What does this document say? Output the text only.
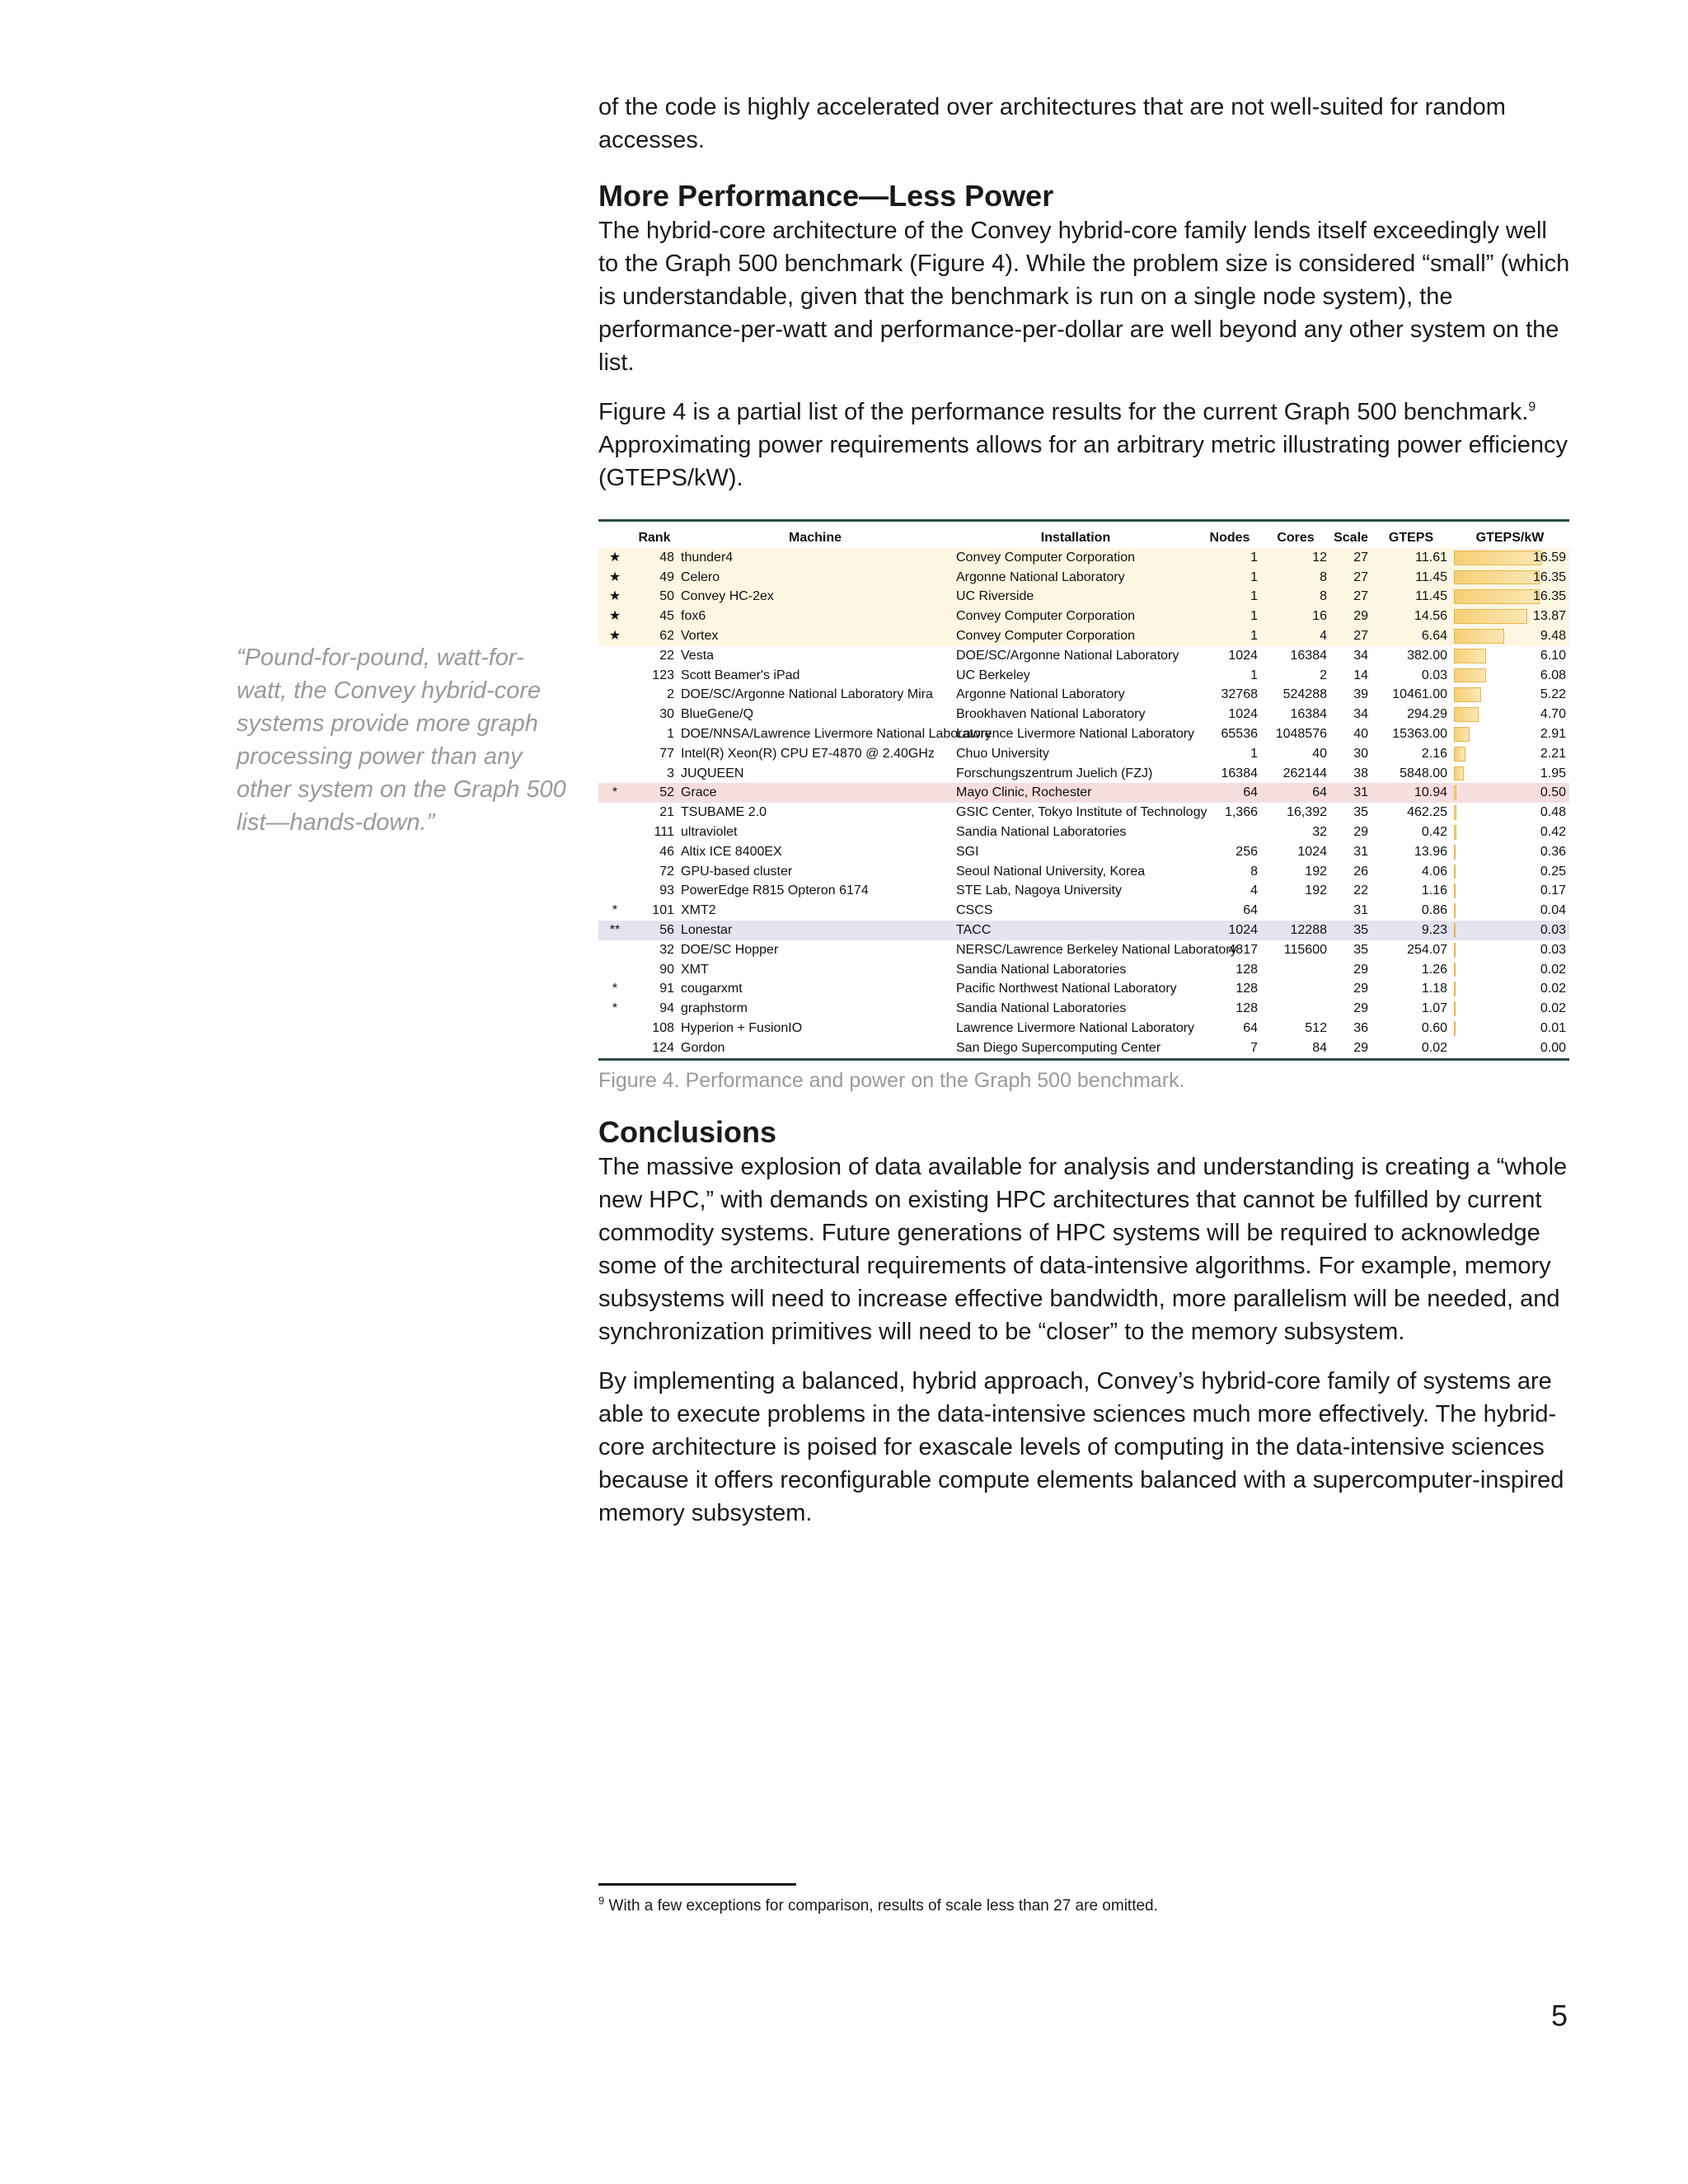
of the code is highly accelerated over architectures that are not well-suited for random accesses.

More Performance—Less Power

The hybrid-core architecture of the Convey hybrid-core family lends itself exceedingly well to the Graph 500 benchmark (Figure 4). While the problem size is considered “small” (which is understandable, given that the benchmark is run on a single node system), the performance-per-watt and performance-per-dollar are well beyond any other system on the list.

Figure 4 is a partial list of the performance results for the current Graph 500 benchmark.$^9$ Approximating power requirements allows for an arbitrary metric illustrating power efficiency (GTEPS/kW).

	Rank	Machine	Installation	Nodes	Cores	Scale	GTEPS	GTEPS/kW
★	48	thunder4	Convey Computer Corporation	1	12	27	11.61	16.59
★	49	Celero	Argonne National Laboratory	1	8	27	11.45	16.35
★	50	Convey HC-2ex	UC Riverside	1	8	27	11.45	16.35
★	45	fox6	Convey Computer Corporation	1	16	29	14.56	13.87
★	62	Vortex	Convey Computer Corporation	1	4	27	6.64	9.48
	22	Vesta	DOE/SC/Argonne National Laboratory	1024	16384	34	382.00	6.10
	123	Scott Beamer's iPad	UC Berkeley	1	2	14	0.03	6.08
	2	DOE/SC/Argonne National Laboratory Mira	Argonne National Laboratory	32768	524288	39	10461.00	5.22
	30	BlueGene/Q	Brookhaven National Laboratory	1024	16384	34	294.29	4.70
	1	DOE/NNSA/Lawrence Livermore National Laboratory	Lawrence Livermore National Laboratory	65536	1048576	40	15363.00	2.91
	77	Intel(R) Xeon(R) CPU E7-4870 @ 2.40GHz	Chuo University	1	40	30	2.16	2.21
	3	JUQUEEN	Forschungszentrum Juelich (FZJ)	16384	262144	38	5848.00	1.95
*	52	Grace	Mayo Clinic, Rochester	64	64	31	10.94	0.50
	21	TSUBAME 2.0	GSIC Center, Tokyo Institute of Technology	1,366	16,392	35	462.25	0.48
	111	ultraviolet	Sandia National Laboratories		32	29	0.42	0.42
	46	Altix ICE 8400EX	SGI	256	1024	31	13.96	0.36
	72	GPU-based cluster	Seoul National University, Korea	8	192	26	4.06	0.25
	93	PowerEdge R815 Opteron 6174	STE Lab, Nagoya University	4	192	22	1.16	0.17
*	101	XMT2	CSCS	64		31	0.86	0.04
**	56	Lonestar	TACC	1024	12288	35	9.23	0.03
	32	DOE/SC Hopper	NERSC/Lawrence Berkeley National Laboratory	4817	115600	35	254.07	0.03
	90	XMT	Sandia National Laboratories	128		29	1.26	0.02
*	91	cougarxmt	Pacific Northwest National Laboratory	128		29	1.18	0.02
*	94	graphstorm	Sandia National Laboratories	128		29	1.07	0.02
	108	Hyperion + FusionIO	Lawrence Livermore National Laboratory	64	512	36	0.60	0.01
	124	Gordon	San Diego Supercomputing Center	7	84	29	0.02	0.00
Figure 4. Performance and power on the Graph 500 benchmark.
Conclusions

The massive explosion of data available for analysis and understanding is creating a “whole new HPC,” with demands on existing HPC architectures that cannot be fulfilled by current commodity systems. Future generations of HPC systems will be required to acknowledge some of the architectural requirements of data-intensive algorithms. For example, memory subsystems will need to increase effective bandwidth, more parallelism will be needed, and synchronization primitives will need to be “closer” to the memory subsystem.

By implementing a balanced, hybrid approach, Convey’s hybrid-core family of systems are able to execute problems in the data-intensive sciences much more effectively. The hybrid-core architecture is poised for exascale levels of computing in the data-intensive sciences because it offers reconfigurable compute elements balanced with a supercomputer-inspired memory subsystem.

“Pound-for-pound, watt-for-watt, the Convey hybrid-core systems provide more graph processing power than any other system on the Graph 500 list—hands-down.”
$^9$ With a few exceptions for comparison, results of scale less than 27 are omitted.
5
